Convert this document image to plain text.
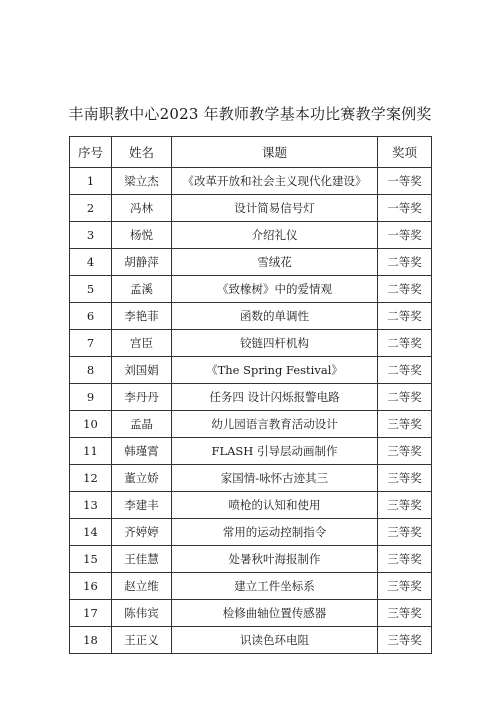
丰南职教中心2023 年教师教学基本功比赛教学案例奖
序号	姓名	课题	奖项
1	梁立杰	《改革开放和社会主义现代化建设》	一等奖
2	冯林	设计简易信号灯	一等奖
3	杨悦	介绍礼仪	一等奖
4	胡静萍	雪绒花	二等奖
5	孟溪	《致橡树》中的爱情观	二等奖
6	李艳菲	函数的单调性	二等奖
7	宫臣	铰链四杆机构	二等奖
8	刘国娟	《The Spring Festival》	二等奖
9	李丹丹	任务四 设计闪烁报警电路	二等奖
10	孟晶	幼儿园语言教育活动设计	三等奖
11	韩瑾霄	FLASH 引导层动画制作	三等奖
12	董立娇	家国情-咏怀古迹其三	三等奖
13	李建丰	喷枪的认知和使用	三等奖
14	齐婷婷	常用的运动控制指令	三等奖
15	王佳慧	处暑秋叶海报制作	三等奖
16	赵立维	建立工件坐标系	三等奖
17	陈伟宾	检修曲轴位置传感器	三等奖
18	王正义	识读色环电阻	三等奖
